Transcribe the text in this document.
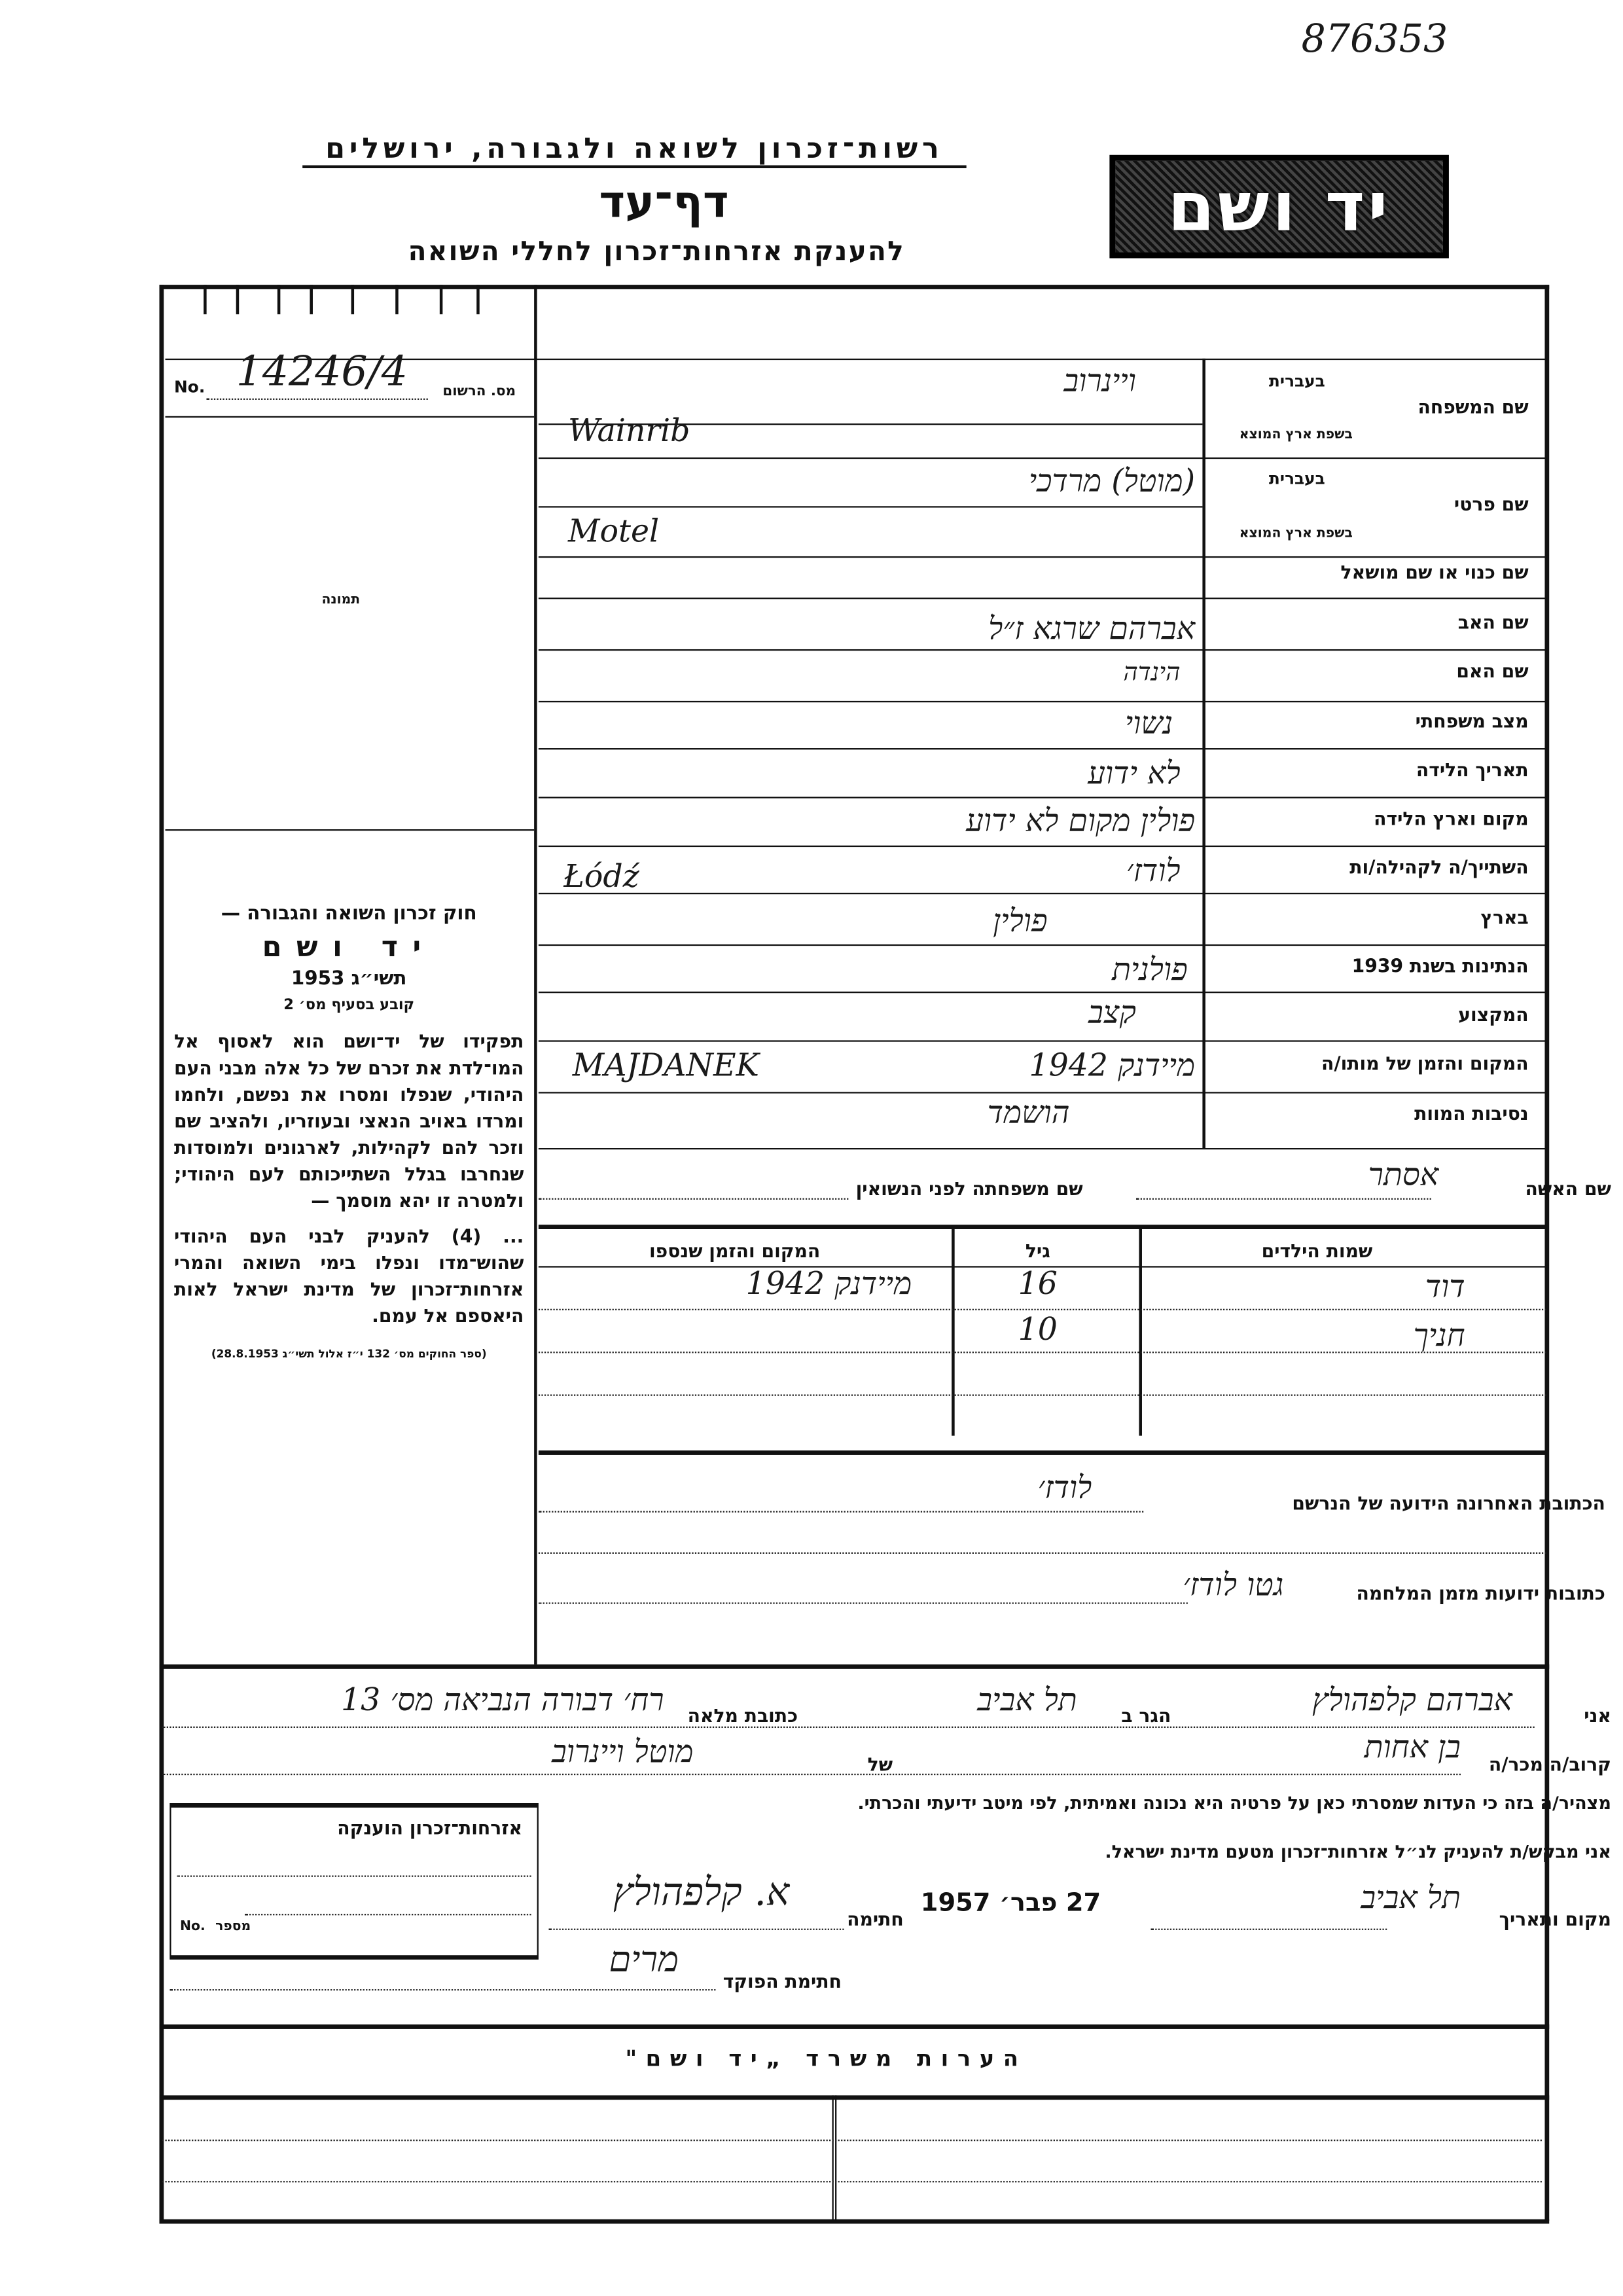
876353
רשות־זכרון לשואה ולגבורה, ירושלים
דף־עד
להענקת אזרחות־זכרון לחללי השואה
יד ושם
No.	מס. הרשום
14246/4
תמונה
חוק זכרון השואה והגבורה —
יד ושם
תשי״ג 1953
קובע בסעיף מס׳ 2
תפקידו של יד־ושם הוא לאסוף אל המו־לדת את זכרם של כל אלה מבני העם היהודי, שנפלו ומסרו את נפשם, ולחמו ומרדו באויב הנאצי ובעוזריו, ולהציב שם וזכר להם לקהילות, לארגונים ולמוסדות שנחרבו בגלל השתייכותם לעם היהודי; ולמטרה זו יהא מוסמך —
... (4) להעניק לבני העם היהודי שהוש־מדו ונפלו בימי השואה והמרי אזרחות־זכרון של מדינת ישראל לאות היאספם אל עמם.
(ספר החוקים מס׳ 132 י״ז אלול תשי״ג 28.8.1953)
בעברית
שם המשפחה
בשפת ארץ המוצא
ויינרוב
Wainrib
בעברית
שם פרטי
בשפת ארץ המוצא
(מוטל) מרדכי
Motel
שם כנוי או שם מושאל
שם האב
אברהם שרגא ז״ל
שם האם
הינדה
מצב משפחתי
נשוי
תאריך הלידה
לא ידוע
מקום וארץ הלידה
פולין מקום לא ידוע
השתייך/ה לקהילה/ות
לודז׳
Łódź
בארץ
פולין
הנתינות בשנת 1939
פולנית
המקצוע
קצב
המקום והזמן של מותו/ה
מיידנק 1942
MAJDANEK
נסיבות המוות
הושמד
שם האשה
אסתר
שם משפחתה לפני הנשואין
שמות הילדים
גיל
המקום והזמן שנספו
דוד
16
מיידנק 1942
חניך
10
הכתובת האחרונה הידועה של הנרשם
לודז׳
כתובות ידועות מזמן המלחמה
גטו לודז׳
אני
אברהם קלפהולץ
הגר ב
תל אביב
כתובת מלאה
רח׳ דבורה הנביאה מס׳ 13
קרוב/ה מכר/ה
בן אחות
של
מוטל ויינרוב
מצהיר/ה בזה כי העדות שמסרתי כאן על פרטיה היא נכונה ואמיתית, לפי מיטב ידיעתי והכרתי.
אני מבקש/ת להעניק לנ״ל אזרחות־זכרון מטעם מדינת ישראל.
מקום ותאריך
תל אביב
27 פבר׳ 1957
חתימה
א. קלפהולץ
חתימת הפוקד
מרים
אזרחות־זכרון הוענקה
No. מספר
הערות משרד „יד ושם"
